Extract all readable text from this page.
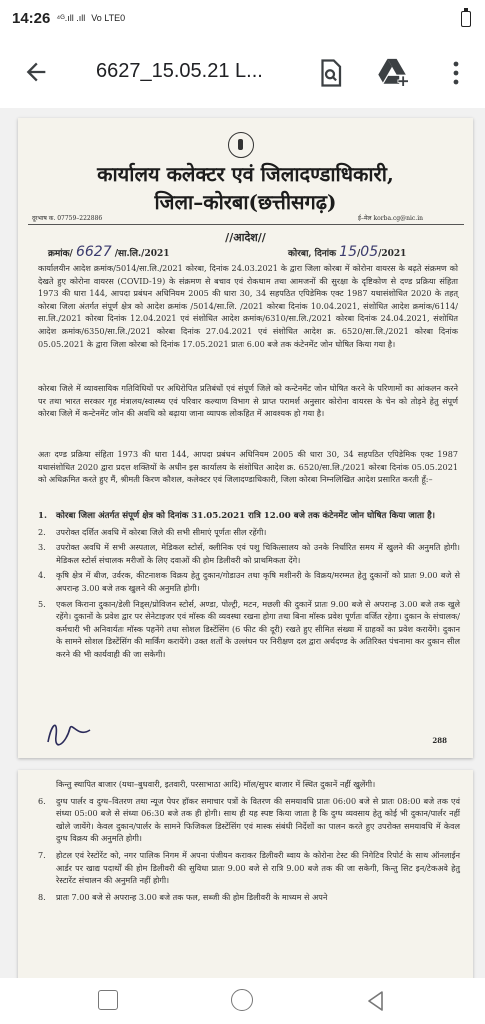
14:26 ⁴ᴳ.ıll .ıll Vo LTE0
6627_15.05.21 L...
कार्यालय कलेक्टर एवं जिलादण्डाधिकारी,
जिला–कोरबा(छत्तीसगढ़)
दूरभाष क. 07759–222886	ई–मेल korba.cg@nic.in
//आदेश//
क्रमांक/ 6627 /सा.लि./2021	कोरबा, दिनांक 15/05/2021

कार्यालयीन आदेश क्रमांक/5014/सा.लि./2021 कोरबा, दिनांक 24.03.2021 के द्वारा जिला कोरबा में कोरोना वायरस के बढ़ते संक्रमण को देखते हुए कोरोना वायरस (COVID-19) के संक्रमण से बचाव एवं रोकथाम तथा आमजनों की सुरक्षा के दृष्टिकोण से दण्ड प्रक्रिया संहिता 1973 की धारा 144, आपदा प्रबंधन अधिनियम 2005 की धारा 30, 34 सहपठित एपिडेमिक एक्ट 1987 यथासंशोधित 2020 के तहत् कोरबा जिला अंतर्गत संपूर्ण क्षेत्र को आदेश क्रमांक /5014/सा.लि. /2021 कोरबा दिनांक 10.04.2021, संशोधित आदेश क्रमांक/6114/सा.लि./2021 कोरबा दिनांक 12.04.2021 एवं संशोधित आदेश क्रमांक/6310/सा.लि./2021 कोरबा दिनांक 24.04.2021, संशोधित आदेश क्रमांक/6350/सा.लि./2021 कोरबा दिनांक 27.04.2021 एवं संशोधित आदेश क्र. 6520/सा.लि./2021 कोरबा दिनांक 05.05.2021 के द्वारा जिला कोरबा को दिनांक 17.05.2021 प्रातः 6.00 बजे तक कंटेनमेंट जोन घोषित किया गया है।

कोरबा जिले में व्यावसायिक गतिविधियों पर अधिरोपित प्रतिबंधों एवं संपूर्ण जिले को कन्टेनमेंट जोन घोषित करने के परिणामों का आंकलन करने पर तथा भारत सरकार गृह मंत्रालय/स्वास्थ्य एवं परिवार कल्याण विभाग से प्राप्त परामर्श अनुसार कोरोना वायरस के चेन को तोड़ने हेतु संपूर्ण कोरबा जिले में कन्टेनमेंट जोन की अवधि को बढ़ाया जाना व्यापक लोकहित में आवश्यक हो गया है।

अतः दण्ड प्रक्रिया संहिता 1973 की धारा 144, आपदा प्रबंधन अधिनियम 2005 की धारा 30, 34 सहपठित एपिडेमिक एक्ट 1987 यथासंशोधित 2020 द्वारा प्रदत्त शक्तियों के अधीन इस कार्यालय के संशोधित आदेश क्र. 6520/सा.लि./2021 कोरबा दिनांक 05.05.2021 को अधिक्रमित करते हुए मैं, श्रीमती किरण कौशल, कलेक्टर एवं जिलादण्डाधिकारी, जिला कोरबा निम्नलिखित आदेश प्रसारित करती हूँ:–

1.	कोरबा जिला अंतर्गत संपूर्ण क्षेत्र को दिनांक 31.05.2021 रात्रि 12.00 बजे तक कंटेनमेंट जोन घोषित किया जाता है।
2.	उपरोक्त दर्शित अवधि में कोरबा जिले की सभी सीमाएं पूर्णतः सील रहेंगी।
3.	उपरोक्त अवधि में सभी अस्पताल, मेडिकल स्टोर्स, क्लीनिक एवं पशु चिकित्सालय को उनके निर्धारित समय में खुलने की अनुमति होगी। मेडिकल स्टोर्स संचालक मरीजों के लिए दवाओं की होम डिलीवरी को प्राथमिकता देंगे।
4.	कृषि क्षेत्र में बीज, उर्वरक, कीटनाशक विक्रय हेतु दुकान/गोडाउन तथा कृषि मशीनरी के विक्रय/मरम्मत हेतु दुकानों को प्रातः 9.00 बजे से अपरान्ह 3.00 बजे तक खुलने की अनुमति होगी।
5.	एकल किराना दुकान/डेली निड्स/प्रोविजन स्टोर्स, अण्डा, पोल्ट्री, मटन, मछली की दुकानें प्रातः 9.00 बजे से अपरान्ह 3.00 बजे तक खुले रहेंगे। दुकानों के प्रवेश द्वार पर सेनेटाइजर एवं मॉस्क की व्यवस्था रखना होगा तथा बिना मॉस्क प्रवेश पूर्णतः वर्जित रहेगा। दुकान के संचालक/कर्मचारी भी अनिवार्यतः मॉस्क पहनेंगे तथा सोशल डिस्टेंसिंग (6 फीट की दूरी) रखते हुए सीमित संख्या में ग्राहकों का प्रवेश करायेंगे। दुकान के सामने सोशल डिस्टेंसिंग की मार्किंग करायेंगे। उक्त शर्तों के उल्लंघन पर निरीक्षण दल द्वारा अर्थदण्ड के अतिरिक्त पंचनामा कर दुकान सील करने की भी कार्यवाही की जा सकेगी।
288
किन्तु स्थापित बाजार (यथा–बुधवारी, इतवारी, परसाभाठा आदि) मॉल/सुपर बाजार में स्थित दुकानें नहीं खुलेंगी।
6.	दुग्ध पार्लर व दुग्ध–वितरण तथा न्यूज पेपर हॉकर समाचार पत्रों के वितरण की समयावधि प्रातः 06:00 बजे से प्रातः 08:00 बजे तक एवं संध्या 05:00 बजे से संध्या 06:30 बजे तक ही होगी। साथ ही यह स्पष्ट किया जाता है कि दुग्ध व्यवसाय हेतु कोई भी दुकान/पार्लर नहीं खोले जायेंगे। केवल दुकान/पार्लर के सामने फिजिकल डिस्टेंसिंग एवं मास्क संबंधी निर्देशों का पालन करते हुए उपरोक्त समयावधि में केवल दुग्ध विक्रय की अनुमति होगी।
7.	होटल एवं रेस्टोरेंट को, नगर पालिक निगम में अपना पंजीयन कराकर डिलीवरी ब्वाय के कोरोना टेस्ट की निगेटिव रिपोर्ट के साथ ऑनलाईन आर्डर पर खाद्य पदार्थों की होम डिलीवरी की सुविधा प्रातः 9.00 बजे से रात्रि 9.00 बजे तक की जा सकेगी, किन्तु सिट इन/टेकअवे हेतु रेस्टारेंट संचालन की अनुमति नहीं होगी।
8.	प्रातः 7.00 बजे से अपरान्ह 3.00 बजे तक फल, सब्जी की होम डिलीवरी के माध्यम से अपने
